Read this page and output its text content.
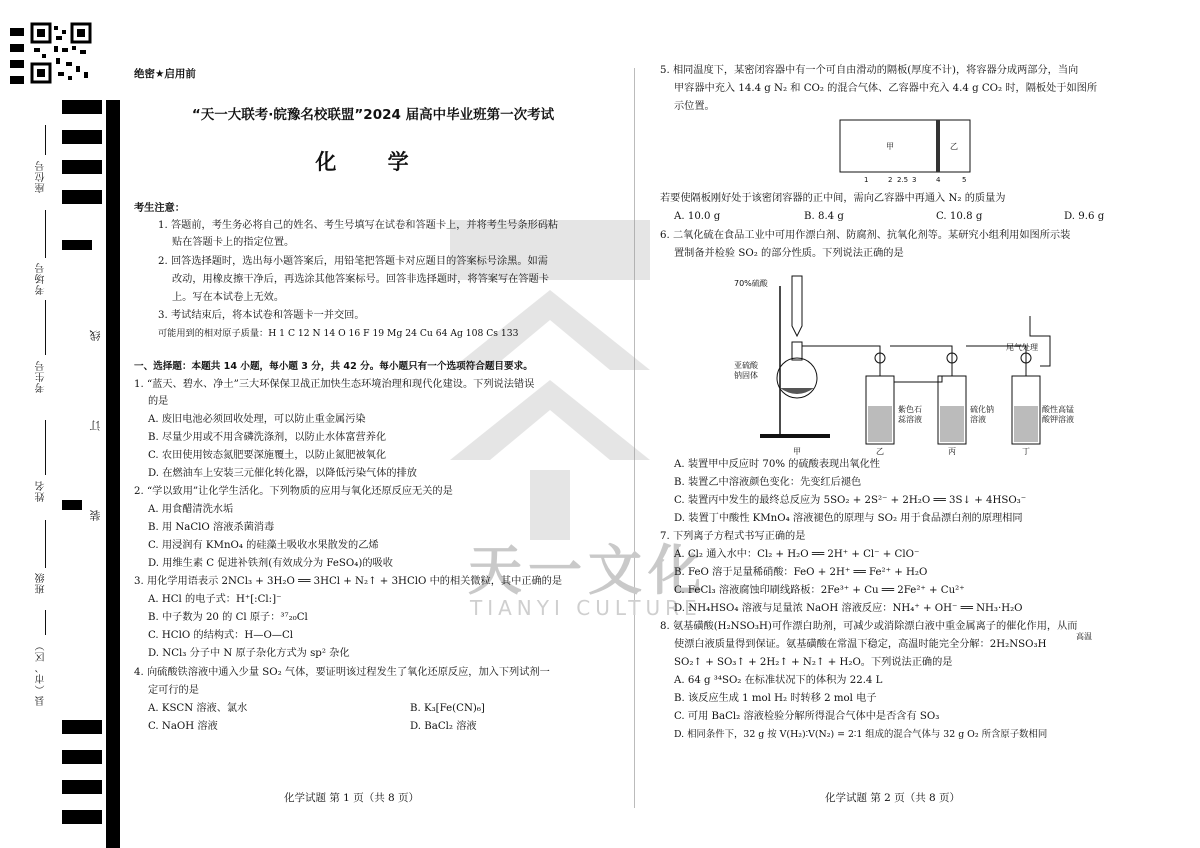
座位号
考场号
考生号
姓名
班级
县（市、区）
线
订
装
天一文化
TIANYI CULTURE
绝密★启用前
“天一大联考·皖豫名校联盟”2024 届高中毕业班第一次考试
化 学
考生注意：
1. 答题前，考生务必将自己的姓名、考生号填写在试卷和答题卡上，并将考生号条形码粘
贴在答题卡上的指定位置。
2. 回答选择题时，选出每小题答案后，用铅笔把答题卡对应题目的答案标号涂黑。如需
改动，用橡皮擦干净后，再选涂其他答案标号。回答非选择题时，将答案写在答题卡
上。写在本试卷上无效。
3. 考试结束后，将本试卷和答题卡一并交回。
可能用到的相对原子质量：H 1 C 12 N 14 O 16 F 19 Mg 24 Cu 64 Ag 108 Cs 133
一、选择题：本题共 14 小题，每小题 3 分，共 42 分。每小题只有一个选项符合题目要求。
1. “蓝天、碧水、净土”三大环保保卫战正加快生态环境治理和现代化建设。下列说法错误
的是
A. 废旧电池必须回收处理，可以防止重金属污染
B. 尽量少用或不用含磷洗涤剂，以防止水体富营养化
C. 农田使用铵态氮肥要深施覆土，以防止氮肥被氧化
D. 在燃油车上安装三元催化转化器，以降低污染气体的排放
2. “学以致用”让化学生活化。下列物质的应用与氧化还原反应无关的是
A. 用食醋清洗水垢
B. 用 NaClO 溶液杀菌消毒
C. 用浸润有 KMnO₄ 的硅藻土吸收水果散发的乙烯
D. 用维生素 C 促进补铁剂(有效成分为 FeSO₄)的吸收
3. 用化学用语表示 2NCl₃ + 3H₂O ══ 3HCl + N₂↑ + 3HClO 中的相关微粒，其中正确的是
A. HCl 的电子式：H⁺[:Cl:]⁻
B. 中子数为 20 的 Cl 原子：³⁷₂₀Cl
C. HClO 的结构式：H—O—Cl
D. NCl₃ 分子中 N 原子杂化方式为 sp² 杂化
4. 向硫酸铁溶液中通入少量 SO₂ 气体，要证明该过程发生了氧化还原反应，加入下列试剂一
定可行的是
A. KSCN 溶液、氯水	B. K₃[Fe(CN)₆]
C. NaOH 溶液	D. BaCl₂ 溶液
化学试题 第 1 页（共 8 页）
5. 相同温度下，某密闭容器中有一个可自由滑动的隔板(厚度不计)，将容器分成两部分，当向
甲容器中充入 14.4 g N₂ 和 CO₂ 的混合气体、乙容器中充入 4.4 g CO₂ 时，隔板处于如图所
示位置。
甲	乙
1	2 2.5 3	4	5
若要使隔板刚好处于该密闭容器的正中间，需向乙容器中再通入 N₂ 的质量为
A. 10.0 g	B. 8.4 g	C. 10.8 g	D. 9.6 g
6. 二氧化硫在食品工业中可用作漂白剂、防腐剂、抗氧化剂等。某研究小组利用如图所示装
置制备并检验 SO₂ 的部分性质。下列说法正确的是
70%硫酸
亚硫酸
钠固体
尾气处理
紫色石
蕊溶液
硫化钠
溶液
酸性高锰
酸钾溶液
甲	乙	丙	丁
A. 装置甲中反应时 70% 的硫酸表现出氧化性
B. 装置乙中溶液颜色变化：先变红后褪色
C. 装置丙中发生的最终总反应为 5SO₂ + 2S²⁻ + 2H₂O ══ 3S↓ + 4HSO₃⁻
D. 装置丁中酸性 KMnO₄ 溶液褪色的原理与 SO₂ 用于食品漂白剂的原理相同
7. 下列离子方程式书写正确的是
A. Cl₂ 通入水中：Cl₂ + H₂O ══ 2H⁺ + Cl⁻ + ClO⁻
B. FeO 溶于足量稀硝酸：FeO + 2H⁺ ══ Fe²⁺ + H₂O
C. FeCl₃ 溶液腐蚀印刷线路板：2Fe³⁺ + Cu ══ 2Fe²⁺ + Cu²⁺
D. NH₄HSO₄ 溶液与足量浓 NaOH 溶液反应：NH₄⁺ + OH⁻ ══ NH₃·H₂O
8. 氨基磺酸(H₂NSO₃H)可作漂白助剂，可减少或消除漂白液中重金属离子的催化作用，从而
使漂白液质量得到保证。氨基磺酸在常温下稳定，高温时能完全分解：2H₂NSO₃H
高温
SO₂↑ + SO₃↑ + 2H₂↑ + N₂↑ + H₂O。下列说法正确的是
A. 64 g ³⁴SO₂ 在标准状况下的体积为 22.4 L
B. 该反应生成 1 mol H₂ 时转移 2 mol 电子
C. 可用 BaCl₂ 溶液检验分解所得混合气体中是否含有 SO₃
D. 相同条件下，32 g 按 V(H₂)∶V(N₂) = 2∶1 组成的混合气体与 32 g O₂ 所含原子数相同
化学试题 第 2 页（共 8 页）
